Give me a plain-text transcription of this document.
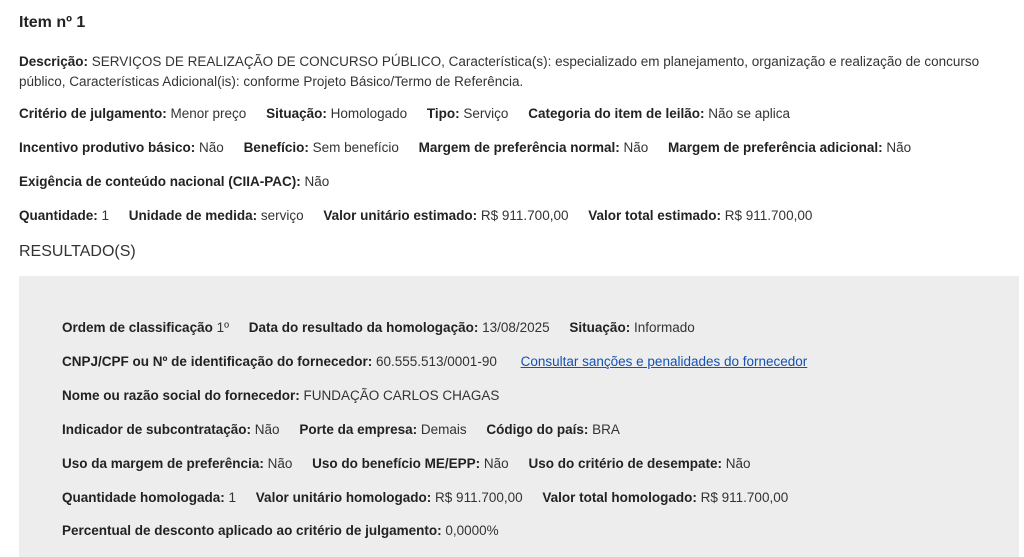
Item nº 1

Descrição: SERVIÇOS DE REALIZAÇÃO DE CONCURSO PÚBLICO, Característica(s): especializado em planejamento, organização e realização de concurso público, Características Adicional(is): conforme Projeto Básico/Termo de Referência.

Critério de julgamento: Menor preço Situação: Homologado Tipo: Serviço Categoria do item de leilão: Não se aplica
Incentivo produtivo básico: Não Benefício: Sem benefício Margem de preferência normal: Não Margem de preferência adicional: Não
Exigência de conteúdo nacional (CIIA-PAC): Não
Quantidade: 1 Unidade de medida: serviço Valor unitário estimado: R$ 911.700,00 Valor total estimado: R$ 911.700,00
RESULTADO(S)
Ordem de classificação 1º Data do resultado da homologação: 13/08/2025 Situação: Informado
CNPJ/CPF ou Nº de identificação do fornecedor: 60.555.513/0001-90 Consultar sanções e penalidades do fornecedor
Nome ou razão social do fornecedor: FUNDAÇÃO CARLOS CHAGAS
Indicador de subcontratação: Não Porte da empresa: Demais Código do país: BRA
Uso da margem de preferência: Não Uso do benefício ME/EPP: Não Uso do critério de desempate: Não
Quantidade homologada: 1 Valor unitário homologado: R$ 911.700,00 Valor total homologado: R$ 911.700,00
Percentual de desconto aplicado ao critério de julgamento: 0,0000%
